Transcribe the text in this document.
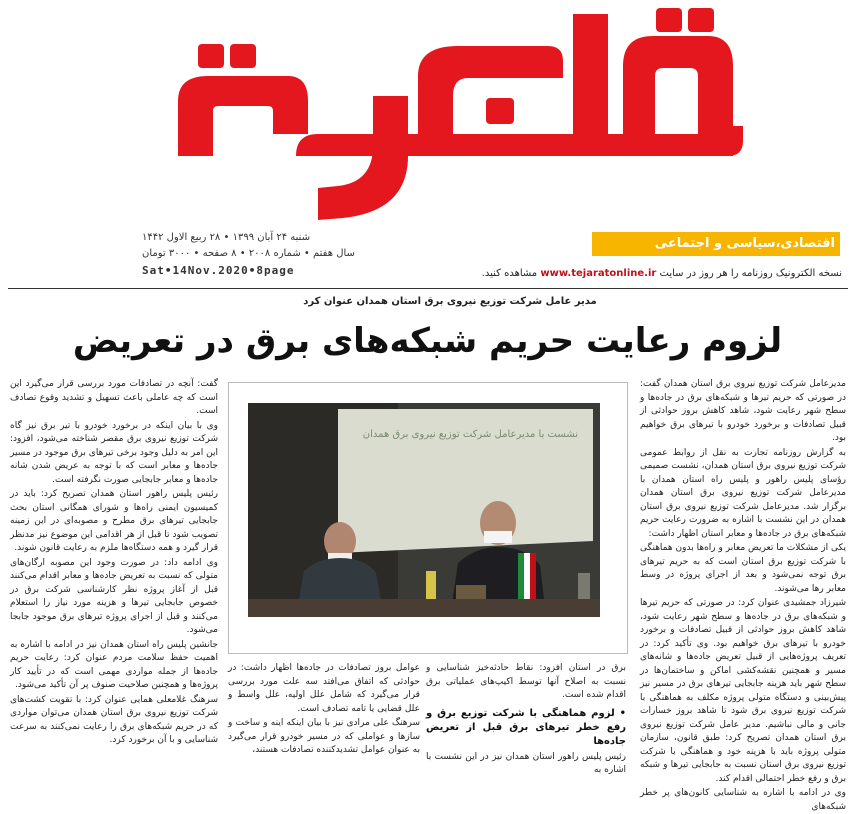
اقتصادی،سیاسی و اجتماعی
شنبه ۲۴ آبان ۱۳۹۹ • ۲۸ ربیع الاول ۱۴۴۲
سال هفتم • شماره ۲۰۰۸ • ۸ صفحه • ۳۰۰۰ تومان
Sat•14Nov.2020•8page	نسخه الکترونیک روزنامه را هر روز در سایت www.tejaratonline.ir مشاهده کنید.
مدیر عامل شرکت توزیع نیروی برق استان همدان عنوان کرد
لزوم رعایت حریم شبکه‌های برق در تعریض

مدیرعامل شرکت توزیع نیروی برق استان همدان گفت: در صورتی که حریم تیرها و شبکه‌های برق در جاده‌ها و سطح شهر رعایت شود، شاهد کاهش بروز حوادثی از قبیل تصادفات و برخورد خودرو با تیرهای برق خواهیم بود.

به گزارش روزنامه تجارت به نقل از روابط عمومی شرکت توزیع نیروی برق استان همدان، نشست صمیمی رؤسای پلیس راهور و پلیس راه استان همدان با مدیرعامل شرکت توزیع نیروی برق استان همدان برگزار شد. مدیرعامل شرکت توزیع نیروی برق استان همدان در این نشست با اشاره به ضرورت رعایت حریم شبکه‌های برق در جاده‌ها و معابر استان اظهار داشت:

یکی از مشکلات ما تعریض معابر و راه‌ها بدون هماهنگی با شرکت توزیع برق استان است که به حریم تیرهای برق توجه نمی‌شود و بعد از اجرای پروژه در وسط معابر رها می‌شوند.

شیرزاد جمشیدی عنوان کرد: در صورتی که حریم تیرها و شبکه‌های برق در جاده‌ها و سطح شهر رعایت شود، شاهد کاهش بروز حوادثی از قبیل تصادفات و برخورد خودرو با تیرهای برق خواهیم بود. وی تأکید کرد: در تعریف پروژه‌هایی از قبیل تعریض جاده‌ها و شانه‌های مسیر و همچنین نقشه‌کشی اماکن و ساختمان‌ها در سطح شهر باید هزینه جابجایی تیرهای برق در مسیر نیز پیش‌بینی و دستگاه متولی پروژه مکلف به هماهنگی با شرکت توزیع نیروی برق شود تا شاهد بروز خسارات جانی و مالی نباشیم. مدیر عامل شرکت توزیع نیروی برق استان همدان تصریح کرد: طبق قانون، سازمان متولی پروژه باید با هزینه خود و هماهنگی با شرکت توزیع نیروی برق استان نسبت به جابجایی تیرها و شبکه برق و رفع خطر احتمالی اقدام کند.

وی در ادامه با اشاره به شناسایی کانون‌های پر خطر شبکه‌های

نشست با مدیرعامل شرکت توزیع نیروی برق همدان

برق در استان افزود: نقاط حادثه‌خیز شناسایی و نسبت به اصلاح آنها توسط اکیپ‌های عملیاتی برق اقدام شده است.

• لزوم هماهنگی با شرکت توزیع برق و رفع خطر تیرهای برق قبل از تعریض جاده‌ها

رئیس پلیس راهور استان همدان نیز در این نشست با اشاره به

عوامل بروز تصادفات در جاده‌ها اظهار داشت: در حوادثی که اتفاق می‌افتد سه علت مورد بررسی قرار می‌گیرد که شامل علل اولیه، علل واسط و علل قضایی یا تامه تصادف است.

سرهنگ علی مرادی نیز با بیان اینکه اینه و ساخت و سازها و عواملی که در مسیر خودرو قرار می‌گیرد به عنوان عوامل تشدیدکننده تصادفات هستند،

گفت: آنچه در تصادفات مورد بررسی قرار می‌گیرد این است که چه عاملی باعث تسهیل و تشدید وقوع تصادف است.

وی با بیان اینکه در برخورد خودرو با تیر برق نیز گاه شرکت توزیع نیروی برق مقصر شناخته می‌شود، افزود: این امر به دلیل وجود برخی تیرهای برق موجود در مسیر جاده‌ها و معابر است که با توجه به عریض شدن شانه جاده‌ها و معابر جابجایی صورت نگرفته است.

رئیس پلیس راهور استان همدان تصریح کرد: باید در کمیسیون ایمنی راه‌ها و شورای همگانی استان بحث جابجایی تیرهای برق مطرح و مصوبه‌ای در این زمینه تصویب شود تا قبل از هر اقدامی این موضوع نیز مدنظر قرار گیرد و همه دستگاه‌ها ملزم به رعایت قانون شوند.

وی ادامه داد: در صورت وجود این مصوبه ارگان‌های متولی که نسبت به تعریض جاده‌ها و معابر اقدام می‌کنند قبل از آغاز پروژه نظر کارشناسی شرکت برق در خصوص جابجایی تیرها و هزینه مورد نیاز را استعلام می‌کنند و قبل از اجرای پروژه تیرهای برق موجود جابجا می‌شود.

جانشین پلیس راه استان همدان نیز در ادامه با اشاره به اهمیت حفظ سلامت مردم عنوان کرد: رعایت حریم جاده‌ها از جمله مواردی مهمی است که در تأیید کار پروژه‌ها و همچنین صلاحیت صنوف پر آن تأکید می‌شود.

سرهنگ غلامعلی همایی عنوان کرد: با تقویت کشت‌های شرکت توزیع نیروی برق استان همدان می‌توان مواردی که در حریم شبکه‌های برق را رعایت نمی‌کنند به سرعت شناسایی و با آن برخورد کرد.
